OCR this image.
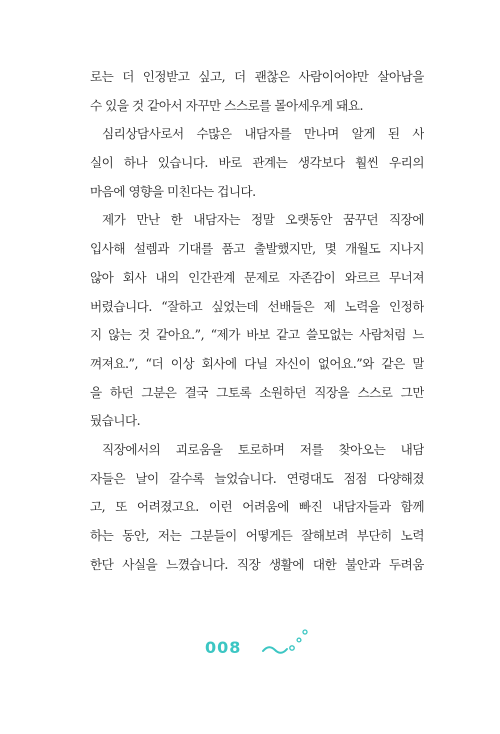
로는 더 인정받고 싶고, 더 괜찮은 사람이어야만 살아남을
수 있을 것 같아서 자꾸만 스스로를 몰아세우게 돼요.
심리상담사로서 수많은 내담자를 만나며 알게 된 사
실이 하나 있습니다. 바로 관계는 생각보다 훨씬 우리의
마음에 영향을 미친다는 겁니다.
제가 만난 한 내담자는 정말 오랫동안 꿈꾸던 직장에
입사해 설렘과 기대를 품고 출발했지만, 몇 개월도 지나지
않아 회사 내의 인간관계 문제로 자존감이 와르르 무너져
버렸습니다. “잘하고 싶었는데 선배들은 제 노력을 인정하
지 않는 것 같아요.”, “제가 바보 같고 쓸모없는 사람처럼 느
껴져요.”, “더 이상 회사에 다닐 자신이 없어요.”와 같은 말
을 하던 그분은 결국 그토록 소원하던 직장을 스스로 그만
뒀습니다.
직장에서의 괴로움을 토로하며 저를 찾아오는 내담
자들은 날이 갈수록 늘었습니다. 연령대도 점점 다양해졌
고, 또 어려졌고요. 이런 어려움에 빠진 내담자들과 함께
하는 동안, 저는 그분들이 어떻게든 잘해보려 부단히 노력
한단 사실을 느꼈습니다. 직장 생활에 대한 불안과 두려움
008
